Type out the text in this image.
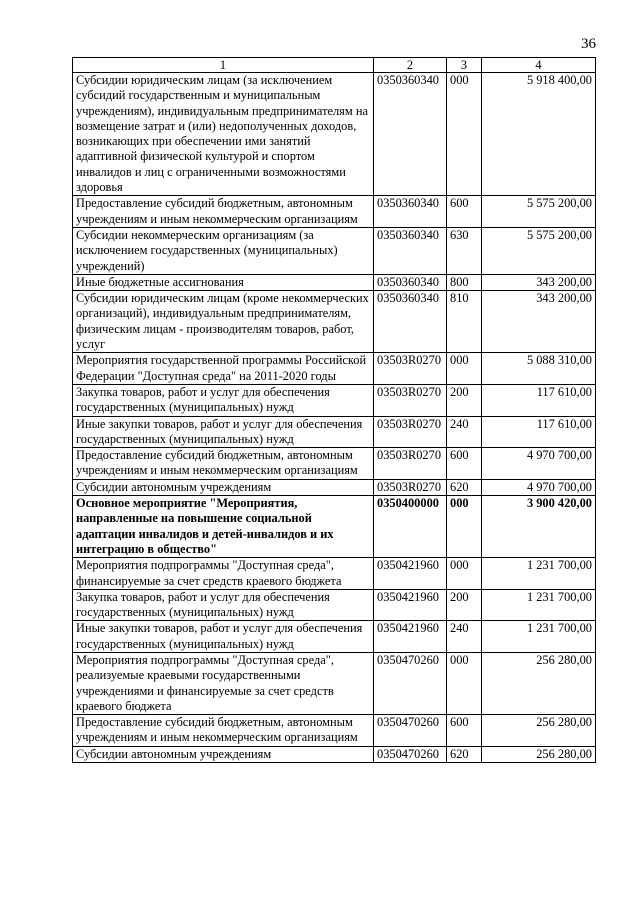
36
1	2	3	4
Субсидии юридическим лицам (за исключением субсидий государственным и муниципальным учреждениям), индивидуальным предпринимателям на возмещение затрат и (или) недополученных доходов, возникающих при обеспечении ими занятий адаптивной физической культурой и спортом инвалидов и лиц с ограниченными возможностями здоровья	0350360340	000	5 918 400,00
Предоставление субсидий бюджетным, автономным учреждениям и иным некоммерческим организациям	0350360340	600	5 575 200,00
Субсидии некоммерческим организациям (за исключением государственных (муниципальных) учреждений)	0350360340	630	5 575 200,00
Иные бюджетные ассигнования	0350360340	800	343 200,00
Субсидии юридическим лицам (кроме некоммерческих организаций), индивидуальным предпринимателям, физическим лицам - производителям товаров, работ, услуг	0350360340	810	343 200,00
Мероприятия государственной программы Российской Федерации "Доступная среда" на 2011-2020 годы	03503R0270	000	5 088 310,00
Закупка товаров, работ и услуг для обеспечения государственных (муниципальных) нужд	03503R0270	200	117 610,00
Иные закупки товаров, работ и услуг для обеспечения государственных (муниципальных) нужд	03503R0270	240	117 610,00
Предоставление субсидий бюджетным, автономным учреждениям и иным некоммерческим организациям	03503R0270	600	4 970 700,00
Субсидии автономным учреждениям	03503R0270	620	4 970 700,00
Основное мероприятие "Мероприятия, направленные на повышение социальной адаптации инвалидов и детей-инвалидов и их интеграцию в общество"	0350400000	000	3 900 420,00
Мероприятия подпрограммы "Доступная среда", финансируемые за счет средств краевого бюджета	0350421960	000	1 231 700,00
Закупка товаров, работ и услуг для обеспечения государственных (муниципальных) нужд	0350421960	200	1 231 700,00
Иные закупки товаров, работ и услуг для обеспечения государственных (муниципальных) нужд	0350421960	240	1 231 700,00
Мероприятия подпрограммы "Доступная среда", реализуемые краевыми государственными учреждениями и финансируемые за счет средств краевого бюджета	0350470260	000	256 280,00
Предоставление субсидий бюджетным, автономным учреждениям и иным некоммерческим организациям	0350470260	600	256 280,00
Субсидии автономным учреждениям	0350470260	620	256 280,00
